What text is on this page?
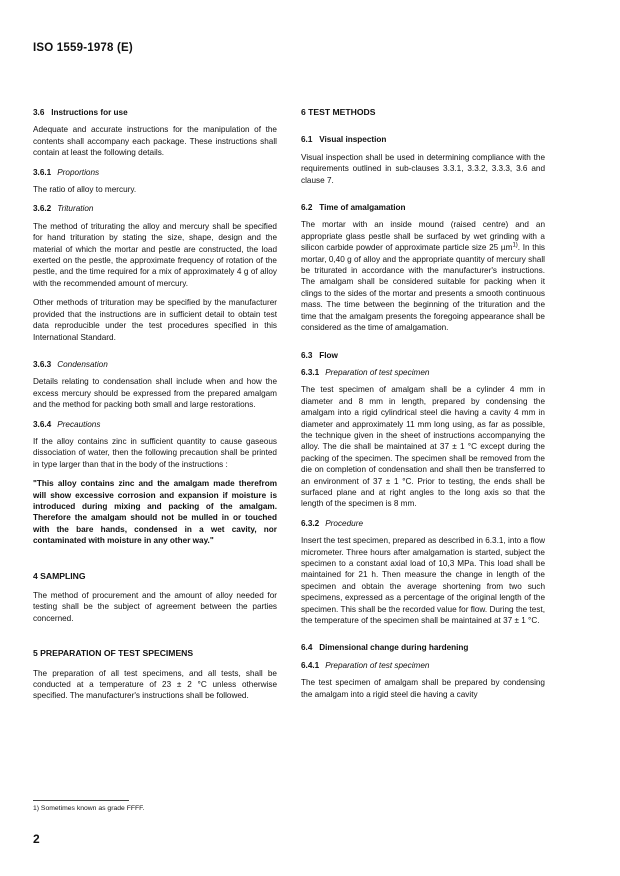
ISO 1559-1978 (E)
3.6 Instructions for use

Adequate and accurate instructions for the manipulation of the contents shall accompany each package. These instructions shall contain at least the following details.

3.6.1 Proportions

The ratio of alloy to mercury.

3.6.2 Trituration

The method of triturating the alloy and mercury shall be specified for hand trituration by stating the size, shape, design and the material of which the mortar and pestle are constructed, the load exerted on the pestle, the approximate frequency of rotation of the pestle, and the time required for a mix of approximately 4 g of alloy with the recommended amount of mercury.

Other methods of trituration may be specified by the manufacturer provided that the instructions are in sufficient detail to obtain test data reproducible under the test procedures specified in this International Standard.

3.6.3 Condensation

Details relating to condensation shall include when and how the excess mercury should be expressed from the prepared amalgam and the method for packing both small and large restorations.

3.6.4 Precautions

If the alloy contains zinc in sufficient quantity to cause gaseous dissociation of water, then the following precaution shall be printed in type larger than that in the body of the instructions :

"This alloy contains zinc and the amalgam made therefrom will show excessive corrosion and expansion if moisture is introduced during mixing and packing of the amalgam. Therefore the amalgam should not be mulled in or touched with the bare hands, condensed in a wet cavity, nor contaminated with moisture in any other way."

4 SAMPLING

The method of procurement and the amount of alloy needed for testing shall be the subject of agreement between the parties concerned.

5 PREPARATION OF TEST SPECIMENS

The preparation of all test specimens, and all tests, shall be conducted at a temperature of 23 ± 2 °C unless otherwise specified. The manufacturer's instructions shall be followed.

6 TEST METHODS
6.1 Visual inspection

Visual inspection shall be used in determining compliance with the requirements outlined in sub-clauses 3.3.1, 3.3.2, 3.3.3, 3.6 and clause 7.

6.2 Time of amalgamation

The mortar with an inside mound (raised centre) and an appropriate glass pestle shall be surfaced by wet grinding with a silicon carbide powder of approximate particle size 25 µm$^{1)}$. In this mortar, 0,40 g of alloy and the appropriate quantity of mercury shall be triturated in accordance with the manufacturer's instructions. The amalgam shall be considered suitable for packing when it clings to the sides of the mortar and presents a smooth continuous mass. The time between the beginning of the trituration and the time that the amalgam presents the foregoing appearance shall be considered as the time of amalgamation.

6.3 Flow
6.3.1 Preparation of test specimen

The test specimen of amalgam shall be a cylinder 4 mm in diameter and 8 mm in length, prepared by condensing the amalgam into a rigid cylindrical steel die having a cavity 4 mm in diameter and approximately 11 mm long using, as far as possible, the technique given in the sheet of instructions accompanying the alloy. The die shall be maintained at 37 ± 1 °C except during the packing of the specimen. The specimen shall be removed from the die on completion of condensation and shall then be transferred to an environment of 37 ± 1 °C. Prior to testing, the ends shall be surfaced plane and at right angles to the long axis so that the length of the specimen is 8 mm.

6.3.2 Procedure

Insert the test specimen, prepared as described in 6.3.1, into a flow micrometer. Three hours after amalgamation is started, subject the specimen to a constant axial load of 10,3 MPa. This load shall be maintained for 21 h. Then measure the change in length of the specimen and obtain the average shortening from two such specimens, expressed as a percentage of the original length of the specimen. This shall be the recorded value for flow. During the test, the temperature of the specimen shall be maintained at 37 ± 1 °C.

6.4 Dimensional change during hardening
6.4.1 Preparation of test specimen

The test specimen of amalgam shall be prepared by condensing the amalgam into a rigid steel die having a cavity

1) Sometimes known as grade FFFF.
2
